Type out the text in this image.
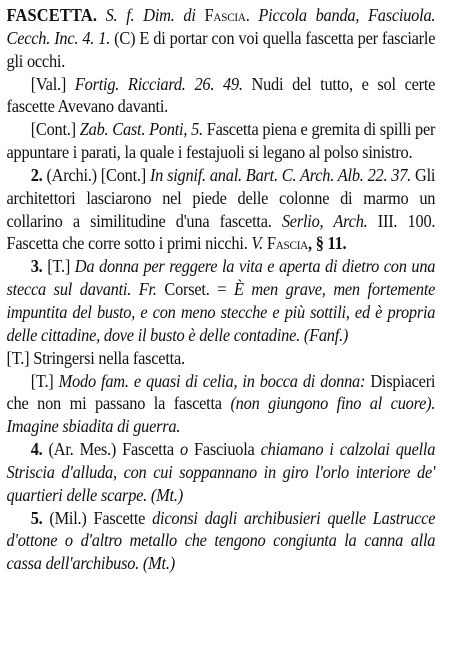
FASCETTA. S. f. Dim. di Fascia. Piccola banda, Fasciuola. Cecch. Inc. 4. 1. (C) E di portar con voi quella fascetta per fasciarle gli occhi.

[Val.] Fortig. Ricciard. 26. 49. Nudi del tutto, e sol certe fascette Avevano davanti.

[Cont.] Zab. Cast. Ponti, 5. Fascetta piena e gremita di spilli per appuntare i parati, la quale i festajuoli si legano al polso sinistro.

2. (Archi.) [Cont.] In signif. anal. Bart. C. Arch. Alb. 22. 37. Gli architettori lasciarono nel piede delle colonne di marmo un collarino a similitudine d'una fascetta. Serlio, Arch. III. 100. Fascetta che corre sotto i primi nicchi. V. Fascia, § 11.

3. [T.] Da donna per reggere la vita e aperta di dietro con una stecca sul davanti. Fr. Corset. = È men grave, men fortemente impuntita del busto, e con meno stecche e più sottili, ed è propria delle cittadine, dove il busto è delle contadine. (Fanf.)
[T.] Stringersi nella fascetta.

[T.] Modo fam. e quasi di celia, in bocca di donna: Dispiaceri che non mi passano la fascetta (non giungono fino al cuore). Imagine sbiadita di guerra.

4. (Ar. Mes.) Fascetta o Fasciuola chiamano i calzolai quella Striscia d'alluda, con cui soppannano in giro l'orlo interiore de' quartieri delle scarpe. (Mt.)

5. (Mil.) Fascette diconsi dagli archibusieri quelle Lastrucce d'ottone o d'altro metallo che tengono congiunta la canna alla cassa dell'archibuso. (Mt.)
